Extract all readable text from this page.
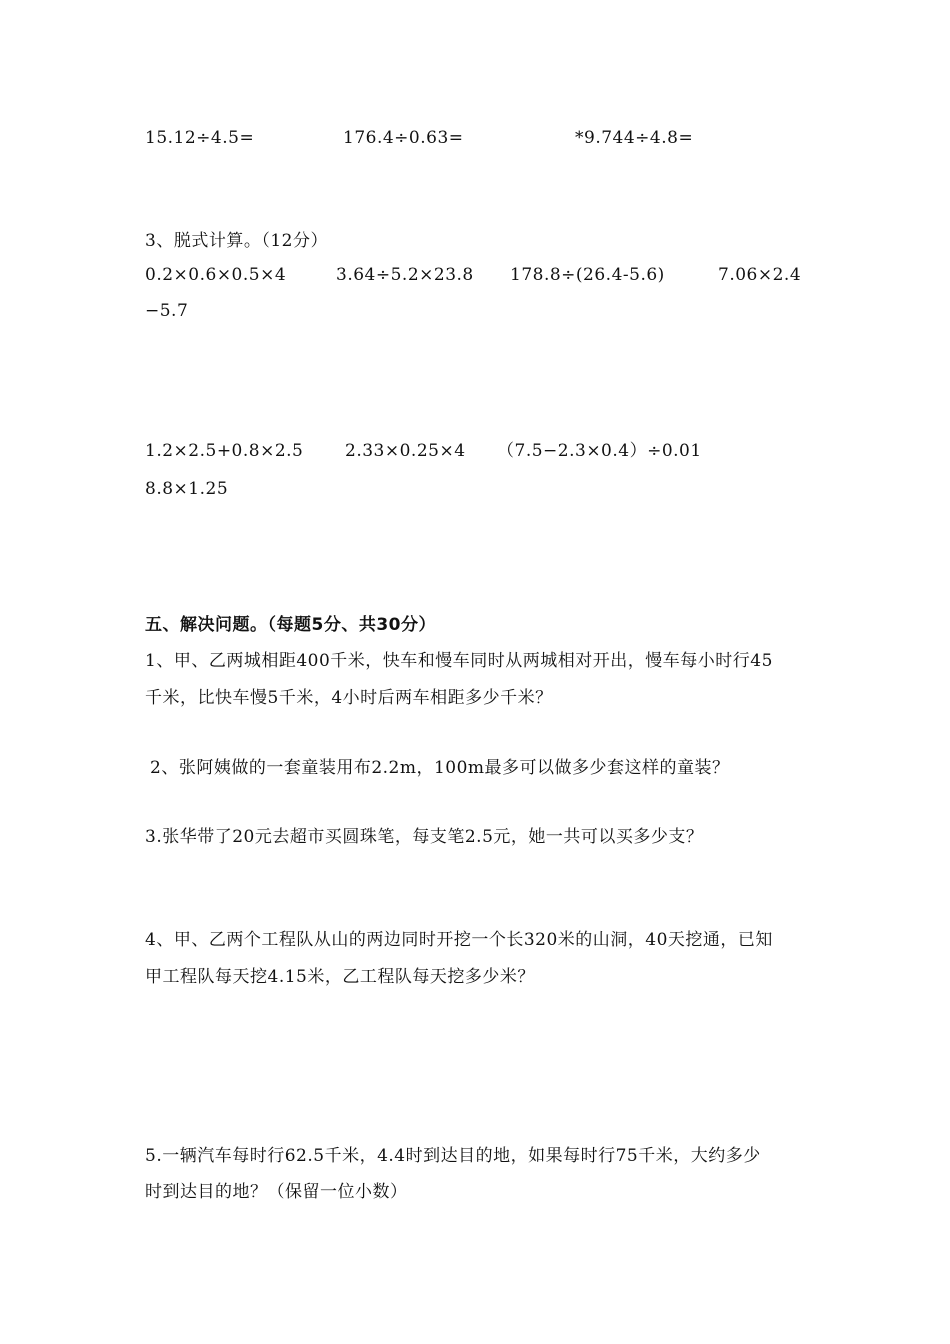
15.12÷4.5=	176.4÷0.63=	*9.744÷4.8=
3、脱式计算。（12分）
0.2×0.6×0.5×4	3.64÷5.2×23.8 178.8÷(26.4-5.6)	7.06×2.4
−5.7
1.2×2.5+0.8×2.5 2.33×0.25×4 （7.5−2.3×0.4）÷0.01
8.8×1.25
五、解决问题。（每题5分、共30分）
1、甲、乙两城相距400千米，快车和慢车同时从两城相对开出，慢车每小时行45
千米，比快车慢5千米，4小时后两车相距多少千米？
2、张阿姨做的一套童装用布2.2m，100m最多可以做多少套这样的童装？
3.张华带了20元去超市买圆珠笔，每支笔2.5元，她一共可以买多少支？
4、甲、乙两个工程队从山的两边同时开挖一个长320米的山洞，40天挖通，已知
甲工程队每天挖4.15米，乙工程队每天挖多少米？
5.一辆汽车每时行62.5千米，4.4时到达目的地，如果每时行75千米，大约多少
时到达目的地？（保留一位小数）
